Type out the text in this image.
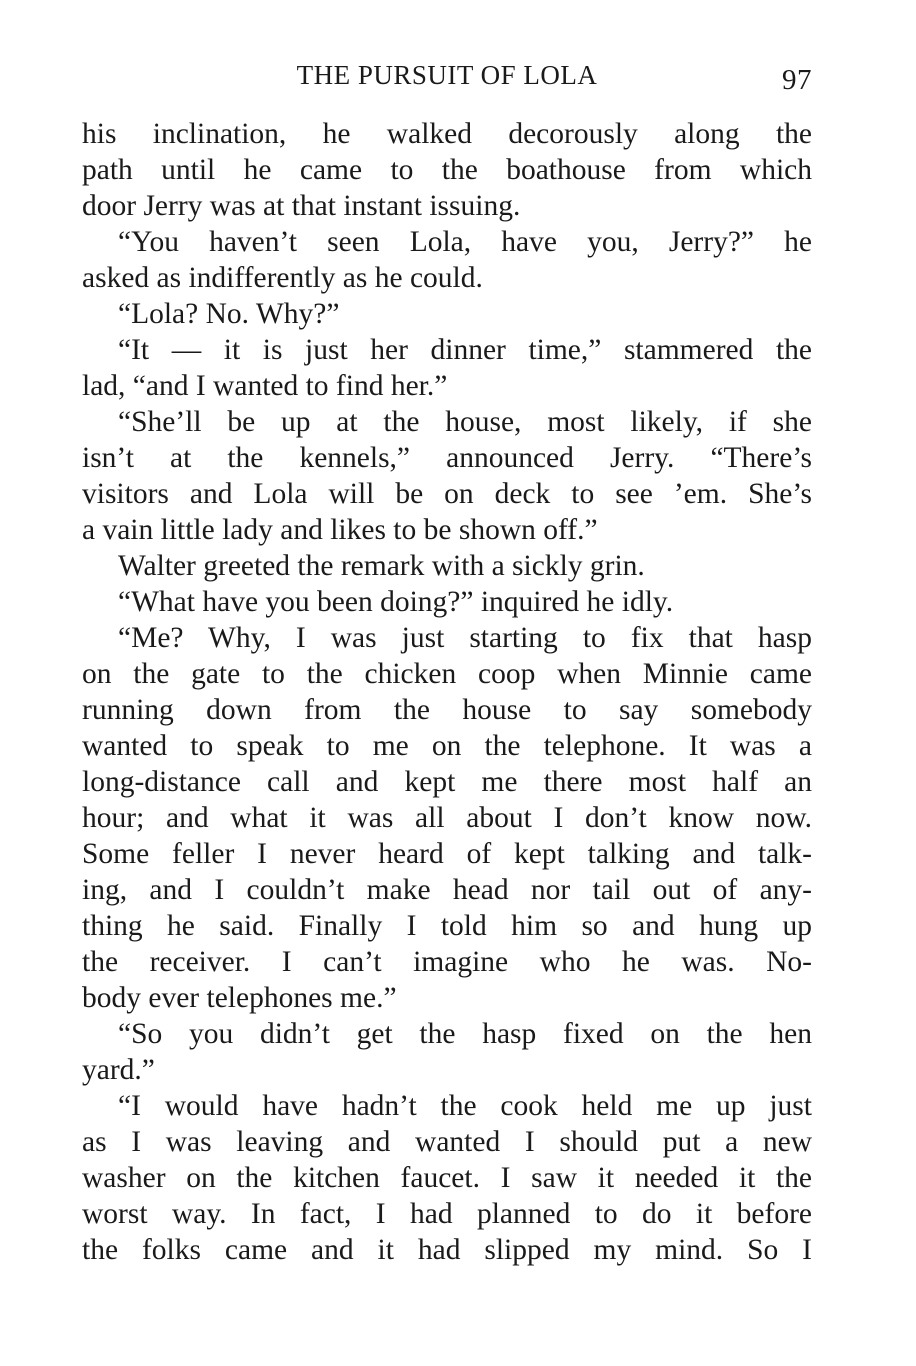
THE PURSUIT OF LOLA	97
his inclination, he walked decorously along the
path until he came to the boathouse from which
door Jerry was at that instant issuing.
“You haven’t seen Lola, have you, Jerry?” he
asked as indifferently as he could.
“Lola? No. Why?”
“It — it is just her dinner time,” stammered the
lad, “and I wanted to find her.”
“She’ll be up at the house, most likely, if she
isn’t at the kennels,” announced Jerry. “There’s
visitors and Lola will be on deck to see ’em. She’s
a vain little lady and likes to be shown off.”
Walter greeted the remark with a sickly grin.
“What have you been doing?” inquired he idly.
“Me? Why, I was just starting to fix that hasp
on the gate to the chicken coop when Minnie came
running down from the house to say somebody
wanted to speak to me on the telephone. It was a
long-distance call and kept me there most half an
hour; and what it was all about I don’t know now.
Some feller I never heard of kept talking and talk-
ing, and I couldn’t make head nor tail out of any-
thing he said. Finally I told him so and hung up
the receiver. I can’t imagine who he was. No-
body ever telephones me.”
“So you didn’t get the hasp fixed on the hen
yard.”
“I would have hadn’t the cook held me up just
as I was leaving and wanted I should put a new
washer on the kitchen faucet. I saw it needed it the
worst way. In fact, I had planned to do it before
the folks came and it had slipped my mind. So I
